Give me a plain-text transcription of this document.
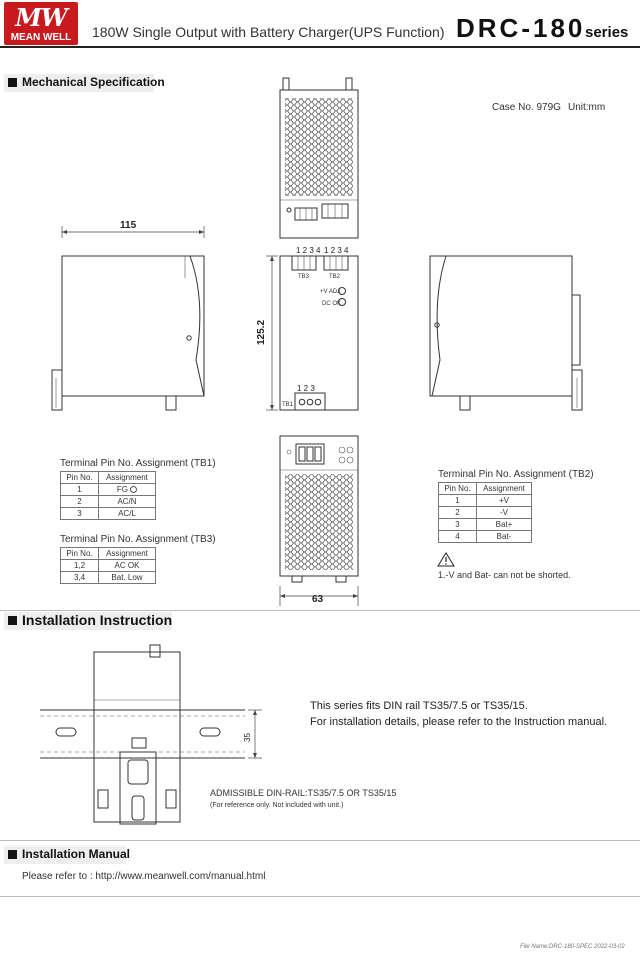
MW
MEAN WELL	180W Single Output with Battery Charger(UPS Function) DRC-180 series
Mechanical Specification
Case No. 979G Unit:mm
115
125.2
63
1 2 3 4 1 2 3 4
TB3	TB2
+V ADJ.
DC OK
1 2 3
TB1
35
Terminal Pin No. Assignment (TB1)
Pin No.	Assignment
1	FG
2	AC/N
3	AC/L
Terminal Pin No. Assignment (TB3)
Pin No.	Assignment
1,2	AC OK
3,4	Bat. Low
Terminal Pin No. Assignment (TB2)
Pin No.	Assignment
1	+V
2	-V
3	Bat+
4	Bat-
1.-V and Bat- can not be shorted.
Installation Instruction
This series fits DIN rail TS35/7.5 or TS35/15.
For installation details, please refer to the Instruction manual.
ADMISSIBLE DIN-RAIL:TS35/7.5 OR TS35/15
(For reference only. Not included with unit.)
Installation Manual
Please refer to : http://www.meanwell.com/manual.html
File Name:DRC-180-SPEC 2022-03-02
